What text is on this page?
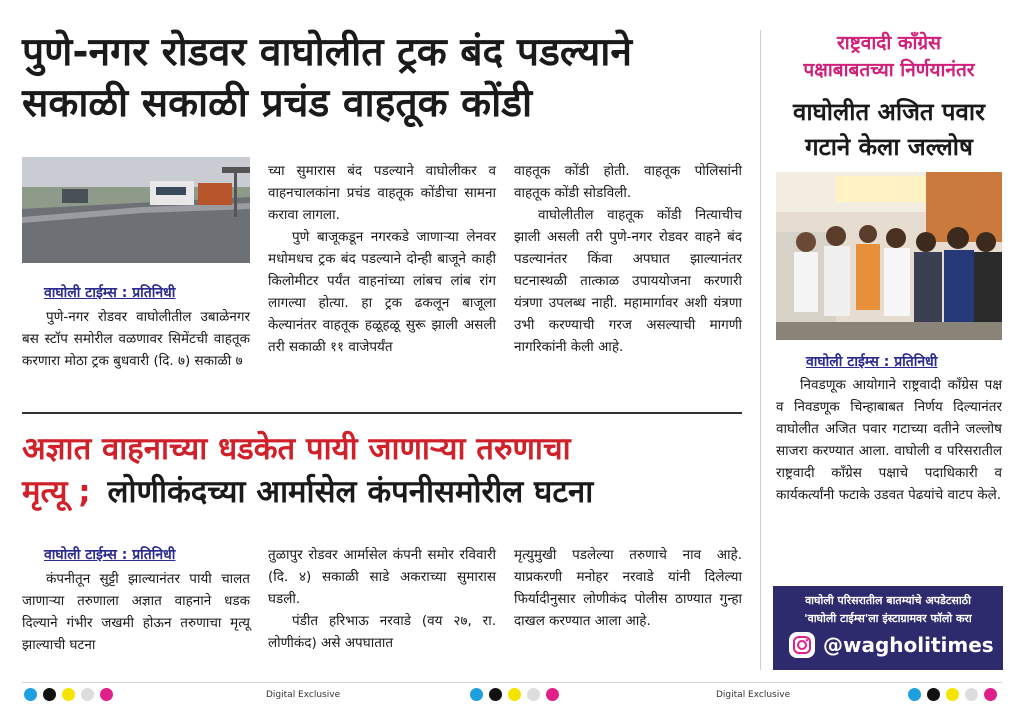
पुणे-नगर रोडवर वाघोलीत ट्रक बंद पडल्याने
सकाळी सकाळी प्रचंड वाहतूक कोंडी
वाघोली टाईम्स : प्रतिनिधी

पुणे-नगर रोडवर वाघोलीतील उबाळेनगर बस स्टॉप समोरील वळणावर सिमेंटची वाहतूक करणारा मोठा ट्रक बुधवारी (दि. ७) सकाळी ७

च्या सुमारास बंद पडल्याने वाघोलीकर व वाहनचालकांना प्रचंड वाहतूक कोंडीचा सामना करावा लागला.

पुणे बाजूकडून नगरकडे जाणाऱ्या लेनवर मधोमधच ट्रक बंद पडल्याने दोन्ही बाजूने काही किलोमीटर पर्यंत वाहनांच्या लांबच लांब रांग लागल्या होत्या. हा ट्रक ढकलून बाजूला केल्यानंतर वाहतूक हळूहळू सुरू झाली असली तरी सकाळी ११ वाजेपर्यंत

वाहतूक कोंडी होती. वाहतूक पोलिसांनी वाहतूक कोंडी सोडविली.

वाघोलीतील वाहतूक कोंडी नित्याचीच झाली असली तरी पुणे-नगर रोडवर वाहने बंद पडल्यानंतर किंवा अपघात झाल्यानंतर घटनास्थळी तात्काळ उपाययोजना करणारी यंत्रणा उपलब्ध नाही. महामार्गावर अशी यंत्रणा उभी करण्याची गरज असल्याची मागणी नागरिकांनी केली आहे.

अज्ञात वाहनाच्या धडकेत पायी जाणाऱ्या तरुणाचा
मृत्यू ; लोणीकंदच्या आर्मासेल कंपनीसमोरील घटना
वाघोली टाईम्स : प्रतिनिधी

कंपनीतून सुट्टी झाल्यानंतर पायी चालत जाणाऱ्या तरुणाला अज्ञात वाहनाने धडक दिल्याने गंभीर जखमी होऊन तरुणाचा मृत्यू झाल्याची घटना

तुळापुर रोडवर आर्मासेल कंपनी समोर रविवारी (दि. ४) सकाळी साडे अकराच्या सुमारास घडली.

पंडीत हरिभाऊ नरवाडे (वय २७, रा. लोणीकंद) असे अपघातात

मृत्युमुखी पडलेल्या तरुणाचे नाव आहे. याप्रकरणी मनोहर नरवाडे यांनी दिलेल्या फिर्यादीनुसार लोणीकंद पोलीस ठाण्यात गुन्हा दाखल करण्यात आला आहे.

राष्ट्रवादी काँग्रेस
पक्षाबाबतच्या निर्णयानंतर
वाघोलीत अजित पवार
गटाने केला जल्लोष
वाघोली टाईम्स : प्रतिनिधी

निवडणूक आयोगाने राष्ट्रवादी काँग्रेस पक्ष व निवडणूक चिन्हाबाबत निर्णय दिल्यानंतर वाघोलीत अजित पवार गटाच्या वतीने जल्लोष साजरा करण्यात आला. वाघोली व परिसरातील राष्ट्रवादी काँग्रेस पक्षाचे पदाधिकारी व कार्यकर्त्यांनी फटाके उडवत पेढयांचे वाटप केले.

वाघोली परिसरातील बातम्यांचे अपडेटसाठी
'वाघोली टाईम्स'ला इंस्टाग्रामवर फॉलो करा
@wagholitimes
Digital Exclusive	Digital Exclusive
